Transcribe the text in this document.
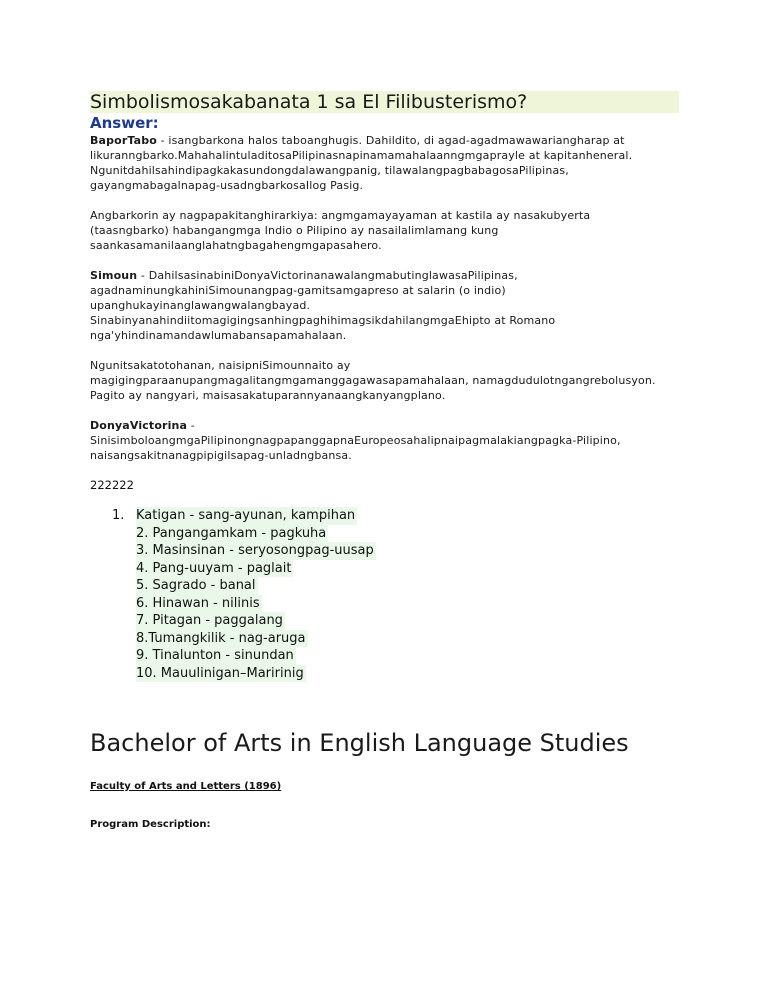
Simbolismosakabanata 1 sa El Filibusterismo?
Answer:
BaporTabo - isangbarkona halos taboanghugis. Dahildito, di agad-agadmawawariangharap at
likuranngbarko.MahahalintuladitosaPilipinasnapinamamahalaanngmgaprayle at kapitanheneral.
Ngunitdahilsahindipagkakasundongdalawangpanig, tilawalangpagbabagosaPilipinas,
gayangmabagalnapag-usadngbarkosaIlog Pasig.
Angbarkorin ay nagpapakitanghirarkiya: angmgamayayaman at kastila ay nasakubyerta
(taasngbarko) habangangmga Indio o Pilipino ay nasailalimlamang kung
saankasamanilaanglahatngbagahengmgapasahero.
Simoun - DahilsasinabiniDonyaVictorinanawalangmabutinglawasaPilipinas,
agadnaminungkahiniSimounangpag-gamitsamgapreso at salarin (o indio)
upanghukayinanglawangwalangbayad.
SinabinyanahindiitomagigingsanhingpaghihimagsikdahilangmgaEhipto at Romano
nga'yhindinamandawlumabansapamahalaan.
Ngunitsakatotohanan, naisipniSimounnaito ay
magigingparaanupangmagalitangmgamanggagawasapamahalaan, namagdudulotngangrebolusyon.
Pagito ay nangyari, maisasakatuparannyanaangkanyangplano.
DonyaVictorina -
SinisimboloangmgaPilipinongnagpapanggapnaEuropeosahalipnaipagmalakiangpagka-Pilipino,
naisangsakitnanagpipigilsapag-unladngbansa.
222222
1. Katigan - sang-ayunan, kampihan
2. Pangangamkam - pagkuha
3. Masinsinan - seryosongpag-uusap
4. Pang-uuyam - paglait
5. Sagrado - banal
6. Hinawan - nilinis
7. Pitagan - paggalang
8.Tumangkilik - nag-aruga
9. Tinalunton - sinundan
10. Mauulinigan–Maririnig
Bachelor of Arts in English Language Studies
Faculty of Arts and Letters (1896)
Program Description:
